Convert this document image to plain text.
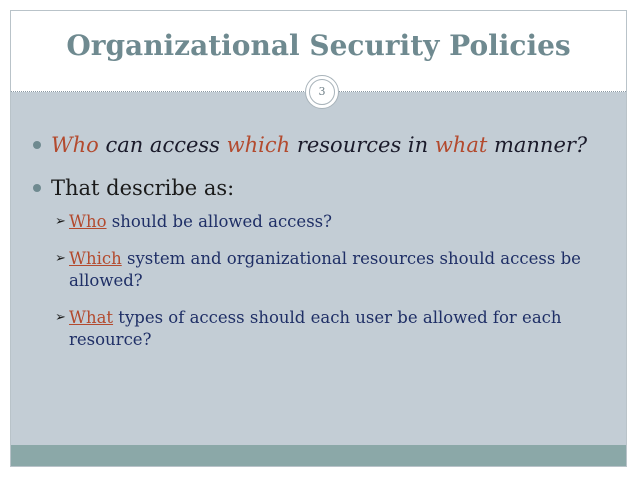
Organizational Security Policies
3
Who can access which resources in what manner?
That describe as:
➢ Who should be allowed access?
➢ Which system and organizational resources should access be allowed?
➢ What types of access should each user be allowed for each resource?
